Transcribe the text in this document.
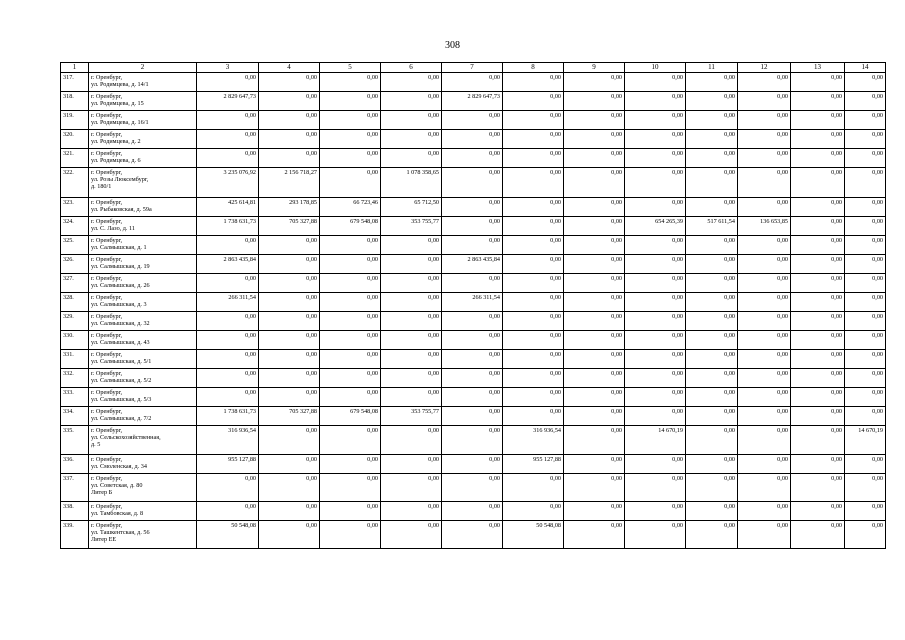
308
1	2	3	4	5	6	7	8	9	10	11	12	13	14
317.	г. Оренбург,
ул. Родимцева, д. 14/1	0,00	0,00	0,00	0,00	0,00	0,00	0,00	0,00	0,00	0,00	0,00	0,00
318.	г. Оренбург,
ул. Родимцева, д. 15	2 829 647,73	0,00	0,00	0,00	2 829 647,73	0,00	0,00	0,00	0,00	0,00	0,00	0,00
319.	г. Оренбург,
ул. Родимцева, д. 16/1	0,00	0,00	0,00	0,00	0,00	0,00	0,00	0,00	0,00	0,00	0,00	0,00
320.	г. Оренбург,
ул. Родимцева, д. 2	0,00	0,00	0,00	0,00	0,00	0,00	0,00	0,00	0,00	0,00	0,00	0,00
321.	г. Оренбург,
ул. Родимцева, д. 6	0,00	0,00	0,00	0,00	0,00	0,00	0,00	0,00	0,00	0,00	0,00	0,00
322.	г. Оренбург,
ул. Розы Люксембург,
д. 180/1	3 235 076,92	2 156 718,27	0,00	1 078 358,65	0,00	0,00	0,00	0,00	0,00	0,00	0,00	0,00
323.	г. Оренбург,
ул. Рыбаковская, д. 59а	425 614,81	293 178,85	66 723,46	65 712,50	0,00	0,00	0,00	0,00	0,00	0,00	0,00	0,00
324.	г. Оренбург,
ул. С. Лазо, д. 11	1 738 631,73	705 327,88	679 548,08	353 755,77	0,00	0,00	0,00	654 265,39	517 611,54	136 653,85	0,00	0,00
325.	г. Оренбург,
ул. Салмышская, д. 1	0,00	0,00	0,00	0,00	0,00	0,00	0,00	0,00	0,00	0,00	0,00	0,00
326.	г. Оренбург,
ул. Салмышская, д. 19	2 863 435,84	0,00	0,00	0,00	2 863 435,84	0,00	0,00	0,00	0,00	0,00	0,00	0,00
327.	г. Оренбург,
ул. Салмышская, д. 26	0,00	0,00	0,00	0,00	0,00	0,00	0,00	0,00	0,00	0,00	0,00	0,00
328.	г. Оренбург,
ул. Салмышская, д. 3	266 311,54	0,00	0,00	0,00	266 311,54	0,00	0,00	0,00	0,00	0,00	0,00	0,00
329.	г. Оренбург,
ул. Салмышская, д. 32	0,00	0,00	0,00	0,00	0,00	0,00	0,00	0,00	0,00	0,00	0,00	0,00
330.	г. Оренбург,
ул. Салмышская, д. 43	0,00	0,00	0,00	0,00	0,00	0,00	0,00	0,00	0,00	0,00	0,00	0,00
331.	г. Оренбург,
ул. Салмышская, д. 5/1	0,00	0,00	0,00	0,00	0,00	0,00	0,00	0,00	0,00	0,00	0,00	0,00
332.	г. Оренбург,
ул. Салмышская, д. 5/2	0,00	0,00	0,00	0,00	0,00	0,00	0,00	0,00	0,00	0,00	0,00	0,00
333.	г. Оренбург,
ул. Салмышская, д. 5/3	0,00	0,00	0,00	0,00	0,00	0,00	0,00	0,00	0,00	0,00	0,00	0,00
334.	г. Оренбург,
ул. Салмышская, д. 7/2	1 738 631,73	705 327,88	679 548,08	353 755,77	0,00	0,00	0,00	0,00	0,00	0,00	0,00	0,00
335.	г. Оренбург,
ул. Сельскохозяйственная,
д. 5	316 936,54	0,00	0,00	0,00	0,00	316 936,54	0,00	14 670,19	0,00	0,00	0,00	14 670,19
336.	г. Оренбург,
ул. Смоленская, д. 34	955 127,88	0,00	0,00	0,00	0,00	955 127,88	0,00	0,00	0,00	0,00	0,00	0,00
337.	г. Оренбург,
ул. Советская, д. 80
Литер Б	0,00	0,00	0,00	0,00	0,00	0,00	0,00	0,00	0,00	0,00	0,00	0,00
338.	г. Оренбург,
ул. Тамбовская, д. 8	0,00	0,00	0,00	0,00	0,00	0,00	0,00	0,00	0,00	0,00	0,00	0,00
339.	г. Оренбург,
ул. Ташкентская, д. 56
Литер ЕЕ	50 548,08	0,00	0,00	0,00	0,00	50 548,08	0,00	0,00	0,00	0,00	0,00	0,00
